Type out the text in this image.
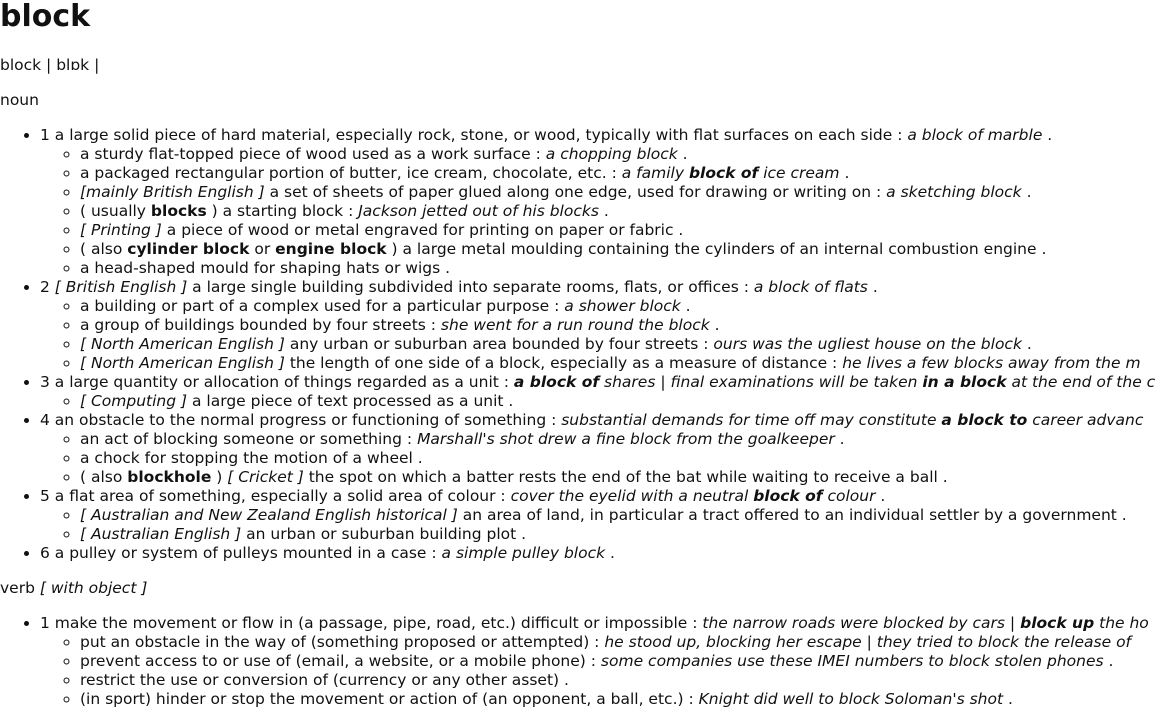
block
block | blɒk |
noun
• 1 a large solid piece of hard material, especially rock, stone, or wood, typically with flat surfaces on each side : a block of marble .
◦ a sturdy flat-topped piece of wood used as a work surface : a chopping block .
◦ a packaged rectangular portion of butter, ice cream, chocolate, etc. : a family block of ice cream .
◦ [mainly British English ] a set of sheets of paper glued along one edge, used for drawing or writing on : a sketching block .
◦ ( usually blocks ) a starting block : Jackson jetted out of his blocks .
◦ [ Printing ] a piece of wood or metal engraved for printing on paper or fabric .
◦ ( also cylinder block or engine block ) a large metal moulding containing the cylinders of an internal combustion engine .
◦ a head-shaped mould for shaping hats or wigs .
• 2 [ British English ] a large single building subdivided into separate rooms, flats, or offices : a block of flats .
◦ a building or part of a complex used for a particular purpose : a shower block .
◦ a group of buildings bounded by four streets : she went for a run round the block .
◦ [ North American English ] any urban or suburban area bounded by four streets : ours was the ugliest house on the block .
◦ [ North American English ] the length of one side of a block, especially as a measure of distance : he lives a few blocks away from the m
• 3 a large quantity or allocation of things regarded as a unit : a block of shares | final examinations will be taken in a block at the end of the c
◦ [ Computing ] a large piece of text processed as a unit .
• 4 an obstacle to the normal progress or functioning of something : substantial demands for time off may constitute a block to career advanc
◦ an act of blocking someone or something : Marshall's shot drew a fine block from the goalkeeper .
◦ a chock for stopping the motion of a wheel .
◦ ( also blockhole ) [ Cricket ] the spot on which a batter rests the end of the bat while waiting to receive a ball .
• 5 a flat area of something, especially a solid area of colour : cover the eyelid with a neutral block of colour .
◦ [ Australian and New Zealand English historical ] an area of land, in particular a tract offered to an individual settler by a government .
◦ [ Australian English ] an urban or suburban building plot .
• 6 a pulley or system of pulleys mounted in a case : a simple pulley block .
verb [ with object ]
• 1 make the movement or flow in (a passage, pipe, road, etc.) difficult or impossible : the narrow roads were blocked by cars | block up the ho
◦ put an obstacle in the way of (something proposed or attempted) : he stood up, blocking her escape | they tried to block the release of
◦ prevent access to or use of (email, a website, or a mobile phone) : some companies use these IMEI numbers to block stolen phones .
◦ restrict the use or conversion of (currency or any other asset) .
◦ (in sport) hinder or stop the movement or action of (an opponent, a ball, etc.) : Knight did well to block Soloman's shot .
